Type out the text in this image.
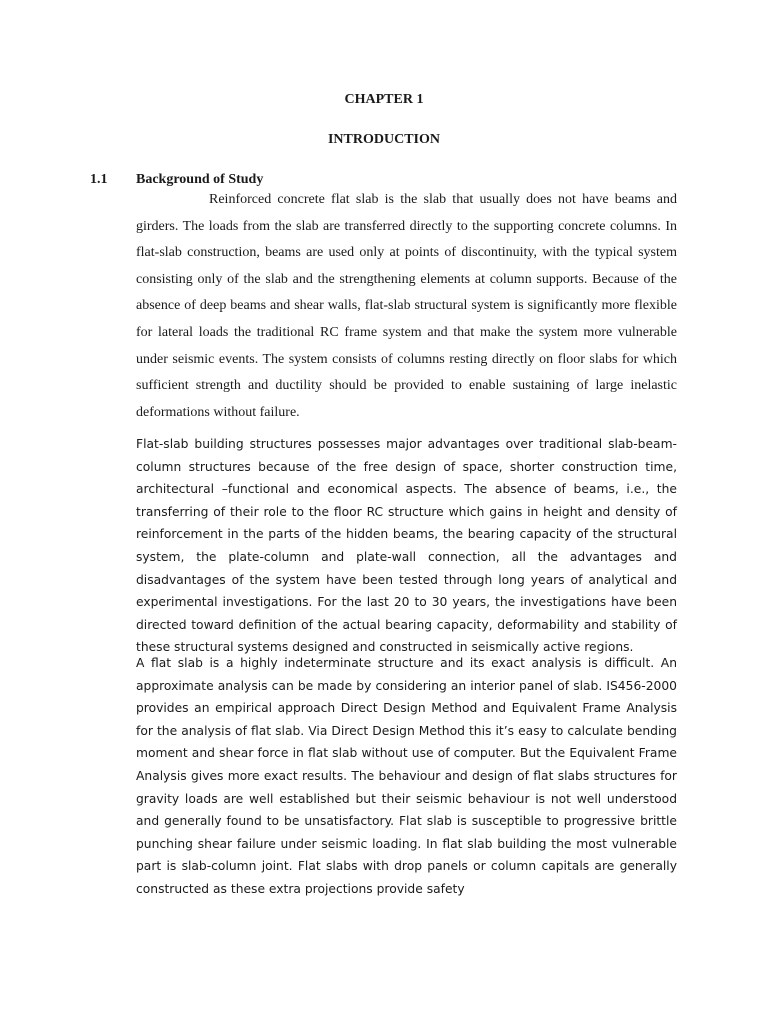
CHAPTER 1
INTRODUCTION
1.1 Background of Study

Reinforced concrete flat slab is the slab that usually does not have beams and girders. The loads from the slab are transferred directly to the supporting concrete columns. In flat-slab construction, beams are used only at points of discontinuity, with the typical system consisting only of the slab and the strengthening elements at column supports. Because of the absence of deep beams and shear walls, flat-slab structural system is significantly more flexible for lateral loads the traditional RC frame system and that make the system more vulnerable under seismic events. The system consists of columns resting directly on floor slabs for which sufficient strength and ductility should be provided to enable sustaining of large inelastic deformations without failure.

Flat-slab building structures possesses major advantages over traditional slab-beam-column structures because of the free design of space, shorter construction time, architectural –functional and economical aspects. The absence of beams, i.e., the transferring of their role to the floor RC structure which gains in height and density of reinforcement in the parts of the hidden beams, the bearing capacity of the structural system, the plate-column and plate-wall connection, all the advantages and disadvantages of the system have been tested through long years of analytical and experimental investigations. For the last 20 to 30 years, the investigations have been directed toward definition of the actual bearing capacity, deformability and stability of these structural systems designed and constructed in seismically active regions.

A flat slab is a highly indeterminate structure and its exact analysis is difficult. An approximate analysis can be made by considering an interior panel of slab. IS456-2000 provides an empirical approach Direct Design Method and Equivalent Frame Analysis for the analysis of flat slab. Via Direct Design Method this it’s easy to calculate bending moment and shear force in flat slab without use of computer. But the Equivalent Frame Analysis gives more exact results. The behaviour and design of flat slabs structures for gravity loads are well established but their seismic behaviour is not well understood and generally found to be unsatisfactory. Flat slab is susceptible to progressive brittle punching shear failure under seismic loading. In flat slab building the most vulnerable part is slab-column joint. Flat slabs with drop panels or column capitals are generally constructed as these extra projections provide safety
